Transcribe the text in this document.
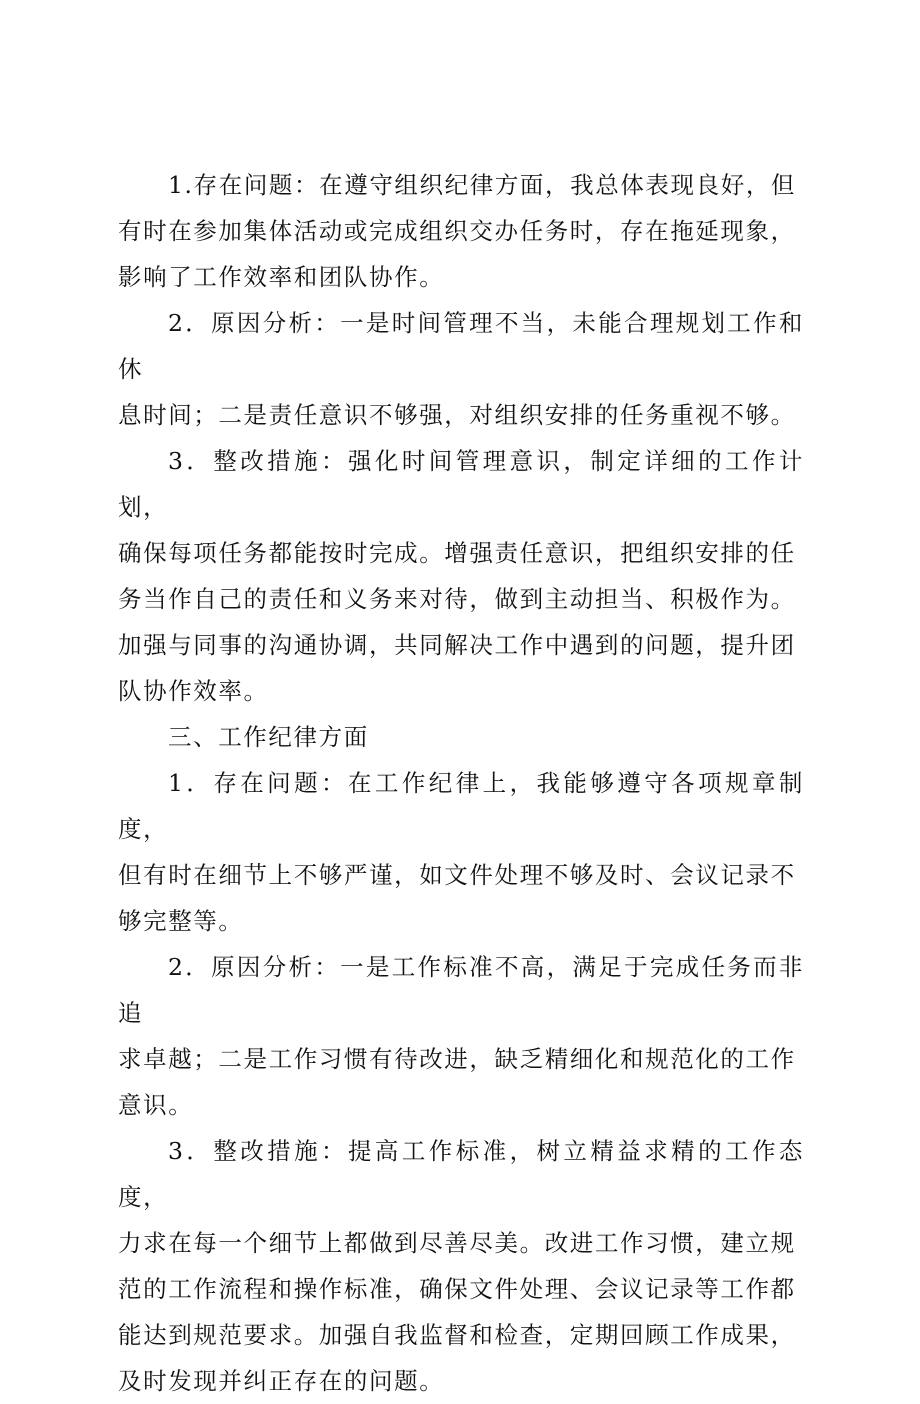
1.存在问题：在遵守组织纪律方面，我总体表现良好，但
有时在参加集体活动或完成组织交办任务时，存在拖延现象，
影响了工作效率和团队协作。
2．原因分析：一是时间管理不当，未能合理规划工作和休
息时间；二是责任意识不够强，对组织安排的任务重视不够。
3．整改措施：强化时间管理意识，制定详细的工作计划，
确保每项任务都能按时完成。增强责任意识，把组织安排的任
务当作自己的责任和义务来对待，做到主动担当、积极作为。
加强与同事的沟通协调，共同解决工作中遇到的问题，提升团
队协作效率。
三、工作纪律方面
1．存在问题：在工作纪律上，我能够遵守各项规章制度，
但有时在细节上不够严谨，如文件处理不够及时、会议记录不
够完整等。
2．原因分析：一是工作标准不高，满足于完成任务而非追
求卓越；二是工作习惯有待改进，缺乏精细化和规范化的工作
意识。
3．整改措施：提高工作标准，树立精益求精的工作态度，
力求在每一个细节上都做到尽善尽美。改进工作习惯，建立规
范的工作流程和操作标准，确保文件处理、会议记录等工作都
能达到规范要求。加强自我监督和检查，定期回顾工作成果，
及时发现并纠正存在的问题。
